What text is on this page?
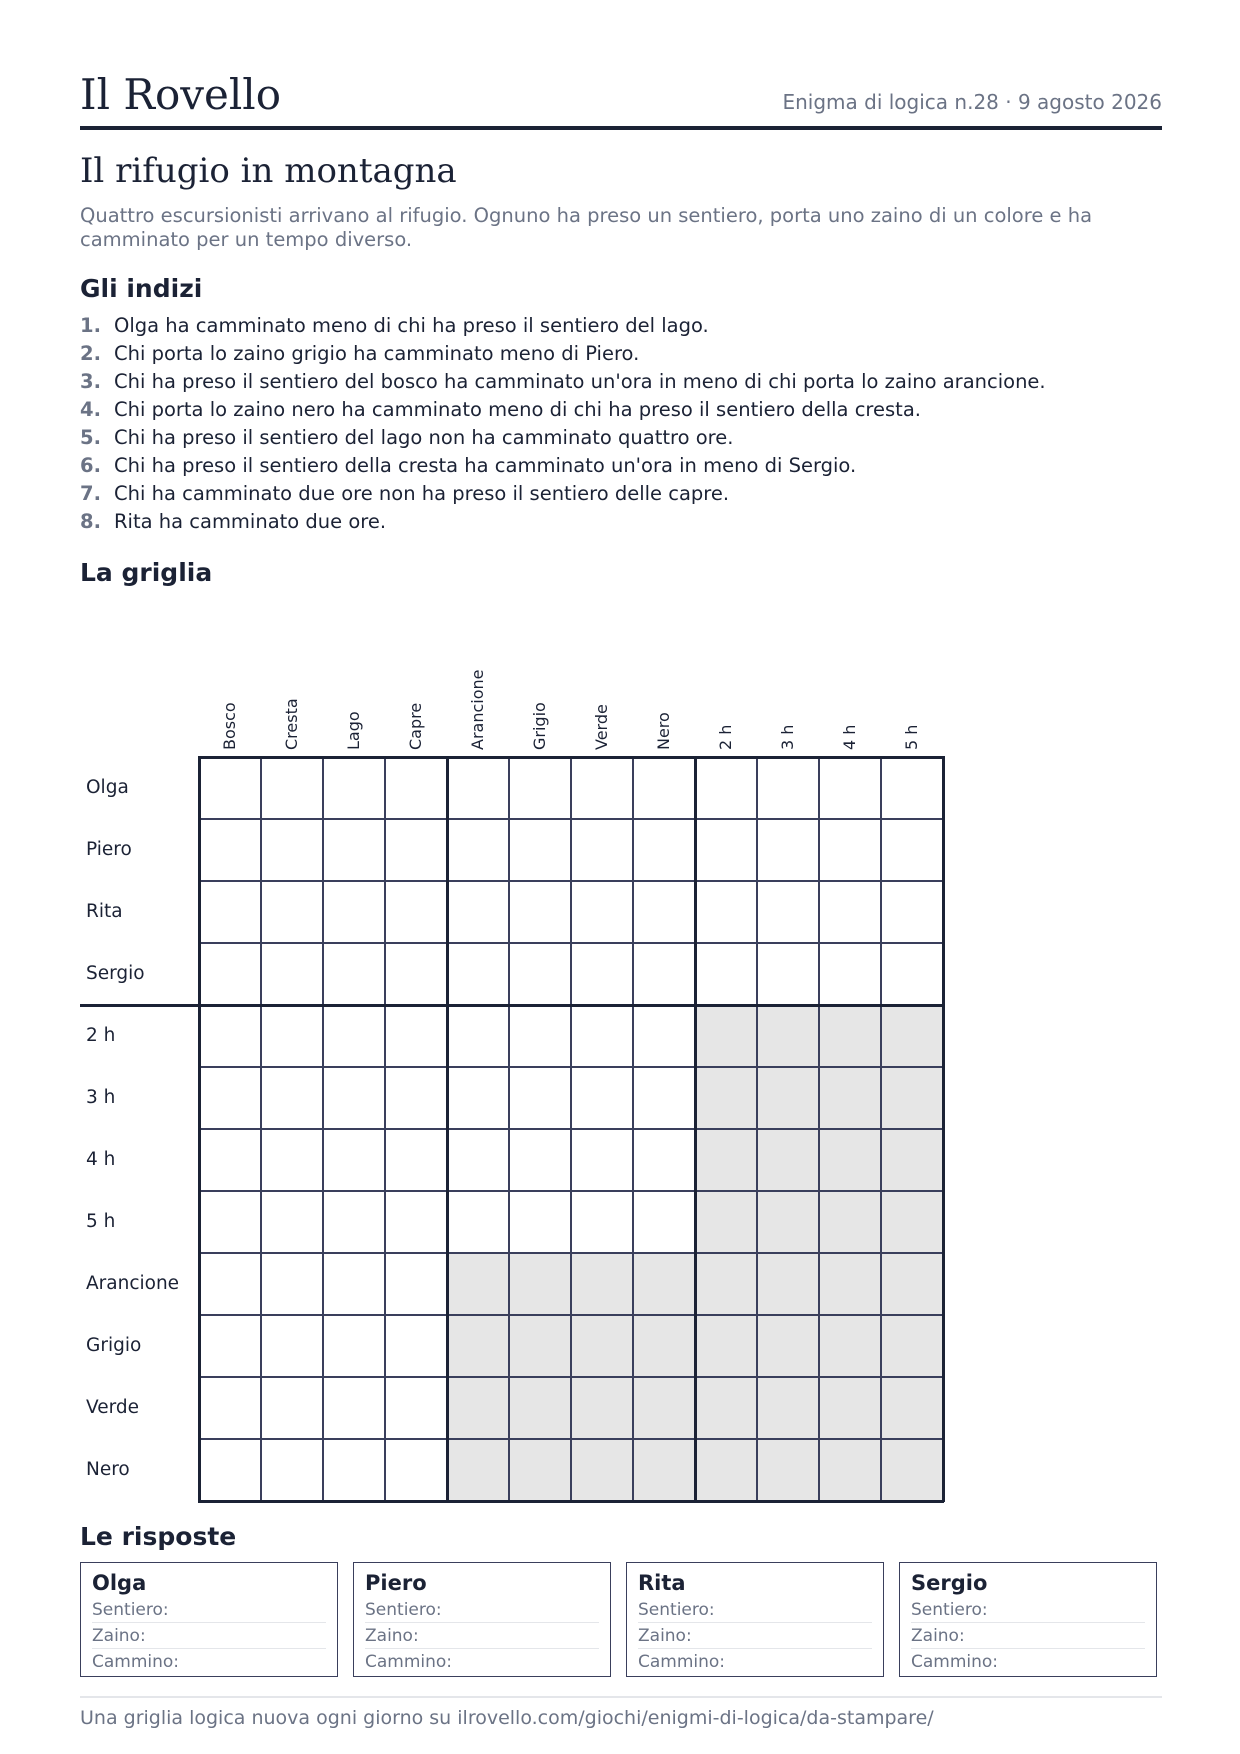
Il Rovello	Enigma di logica n.28 · 9 agosto 2026
Il rifugio in montagna
Quattro escursionisti arrivano al rifugio. Ognuno ha preso un sentiero, porta uno zaino di un colore e ha camminato per un tempo diverso.
Gli indizi
1. Olga ha camminato meno di chi ha preso il sentiero del lago.
2. Chi porta lo zaino grigio ha camminato meno di Piero.
3. Chi ha preso il sentiero del bosco ha camminato un'ora in meno di chi porta lo zaino arancione.
4. Chi porta lo zaino nero ha camminato meno di chi ha preso il sentiero della cresta.
5. Chi ha preso il sentiero del lago non ha camminato quattro ore.
6. Chi ha preso il sentiero della cresta ha camminato un'ora in meno di Sergio.
7. Chi ha camminato due ore non ha preso il sentiero delle capre.
8. Rita ha camminato due ore.
La griglia
Bosco	Cresta	Lago	Capre	Arancione	Grigio	Verde	Nero	2 h	3 h	4 h	5 h
Olga
Piero
Rita
Sergio
2 h
3 h
4 h
5 h
Arancione
Grigio
Verde
Nero
Le risposte
Olga
Sentiero:
Zaino:
Cammino:
Piero
Sentiero:
Zaino:
Cammino:
Rita
Sentiero:
Zaino:
Cammino:
Sergio
Sentiero:
Zaino:
Cammino:
Una griglia logica nuova ogni giorno su ilrovello.com/giochi/enigmi-di-logica/da-stampare/
